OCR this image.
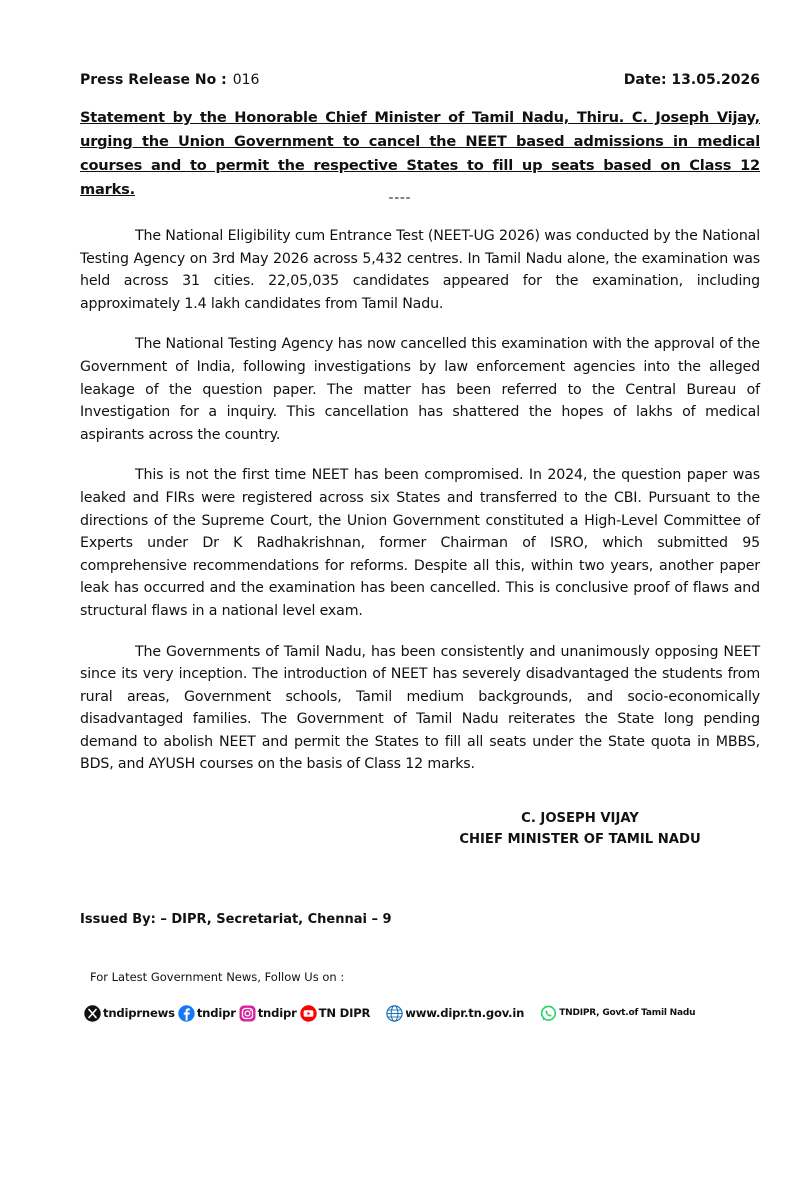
Press Release No : 016	Date: 13.05.2026
Statement by the Honorable Chief Minister of Tamil Nadu, Thiru. C. Joseph Vijay, urging the Union Government to cancel the NEET based admissions in medical courses and to permit the respective States to fill up seats based on Class 12 marks.	----

The National Eligibility cum Entrance Test (NEET-UG 2026) was conducted by the National Testing Agency on 3rd May 2026 across 5,432 centres. In Tamil Nadu alone, the examination was held across 31 cities. 22,05,035 candidates appeared for the examination, including approximately 1.4 lakh candidates from Tamil Nadu.

The National Testing Agency has now cancelled this examination with the approval of the Government of India, following investigations by law enforcement agencies into the alleged leakage of the question paper. The matter has been referred to the Central Bureau of Investigation for a inquiry. This cancellation has shattered the hopes of lakhs of medical aspirants across the country.

This is not the first time NEET has been compromised. In 2024, the question paper was leaked and FIRs were registered across six States and transferred to the CBI. Pursuant to the directions of the Supreme Court, the Union Government constituted a High-Level Committee of Experts under Dr K Radhakrishnan, former Chairman of ISRO, which submitted 95 comprehensive recommendations for reforms. Despite all this, within two years, another paper leak has occurred and the examination has been cancelled. This is conclusive proof of flaws and structural flaws in a national level exam.

The Governments of Tamil Nadu, has been consistently and unanimously opposing NEET since its very inception. The introduction of NEET has severely disadvantaged the students from rural areas, Government schools, Tamil medium backgrounds, and socio-economically disadvantaged families. The Government of Tamil Nadu reiterates the State long pending demand to abolish NEET and permit the States to fill all seats under the State quota in MBBS, BDS, and AYUSH courses on the basis of Class 12 marks.

C. JOSEPH VIJAY
CHIEF MINISTER OF TAMIL NADU
Issued By: – DIPR, Secretariat, Chennai – 9
For Latest Government News, Follow Us on :
tndiprnews tndipr tndipr TN DIPR	www.dipr.tn.gov.in	TNDIPR, Govt.of Tamil Nadu
